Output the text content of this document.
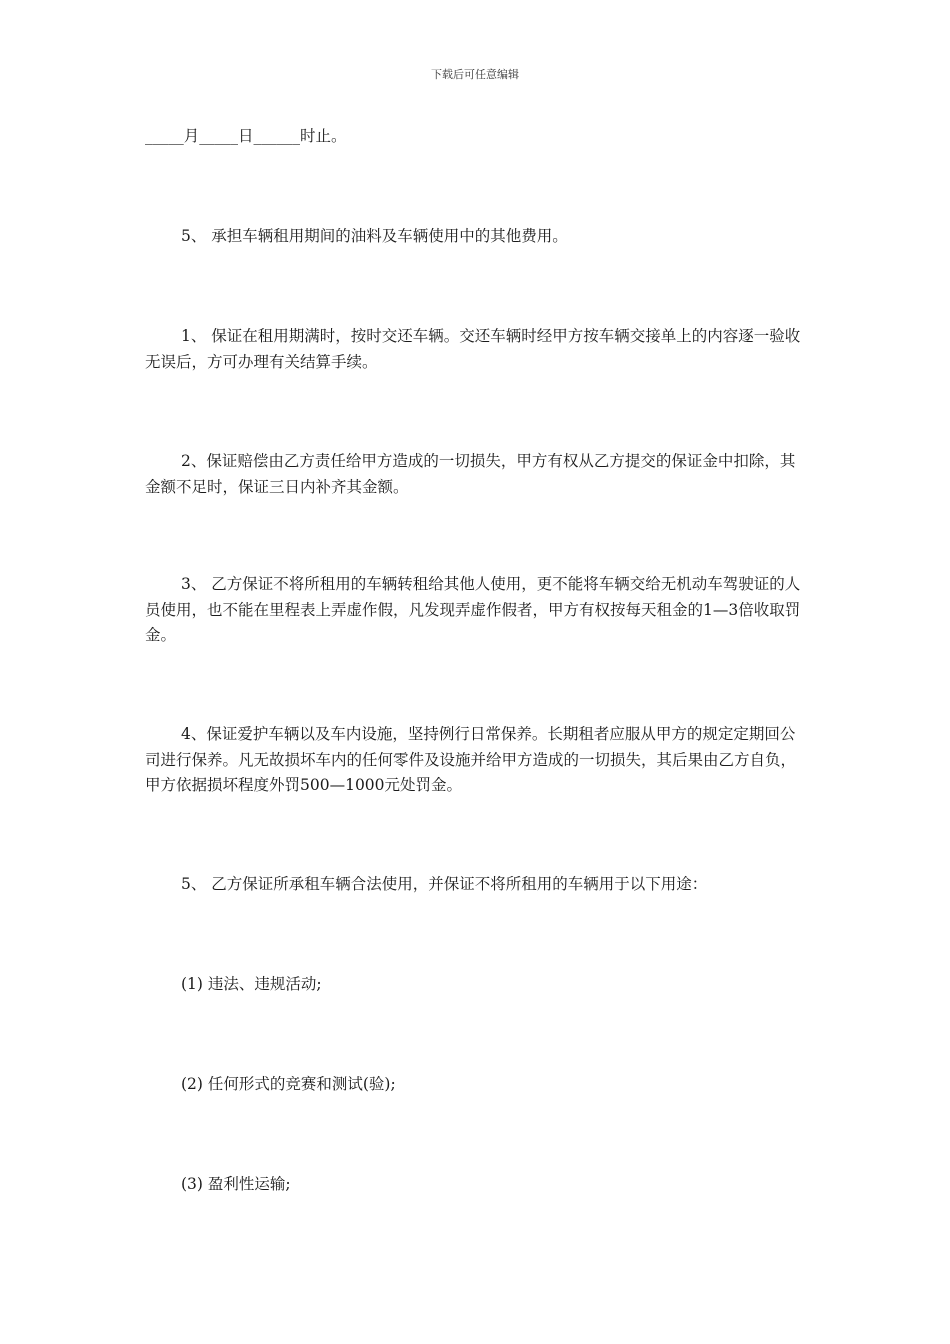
下载后可任意编辑

_____月_____日______时止。

5、 承担车辆租用期间的油料及车辆使用中的其他费用。

1、 保证在租用期满时，按时交还车辆。交还车辆时经甲方按车辆交接单上的内容逐一验收无误后，方可办理有关结算手续。

2、保证赔偿由乙方责任给甲方造成的一切损失，甲方有权从乙方提交的保证金中扣除，其金额不足时，保证三日内补齐其金额。

3、 乙方保证不将所租用的车辆转租给其他人使用，更不能将车辆交给无机动车驾驶证的人员使用，也不能在里程表上弄虚作假，凡发现弄虚作假者，甲方有权按每天租金的1—3倍收取罚金。

4、保证爱护车辆以及车内设施，坚持例行日常保养。长期租者应服从甲方的规定定期回公司进行保养。凡无故损坏车内的任何零件及设施并给甲方造成的一切损失，其后果由乙方自负，甲方依据损坏程度外罚500—1000元处罚金。

5、 乙方保证所承租车辆合法使用，并保证不将所租用的车辆用于以下用途：

(1) 违法、违规活动;

(2) 任何形式的竞赛和测试(验);

(3) 盈利性运输;
